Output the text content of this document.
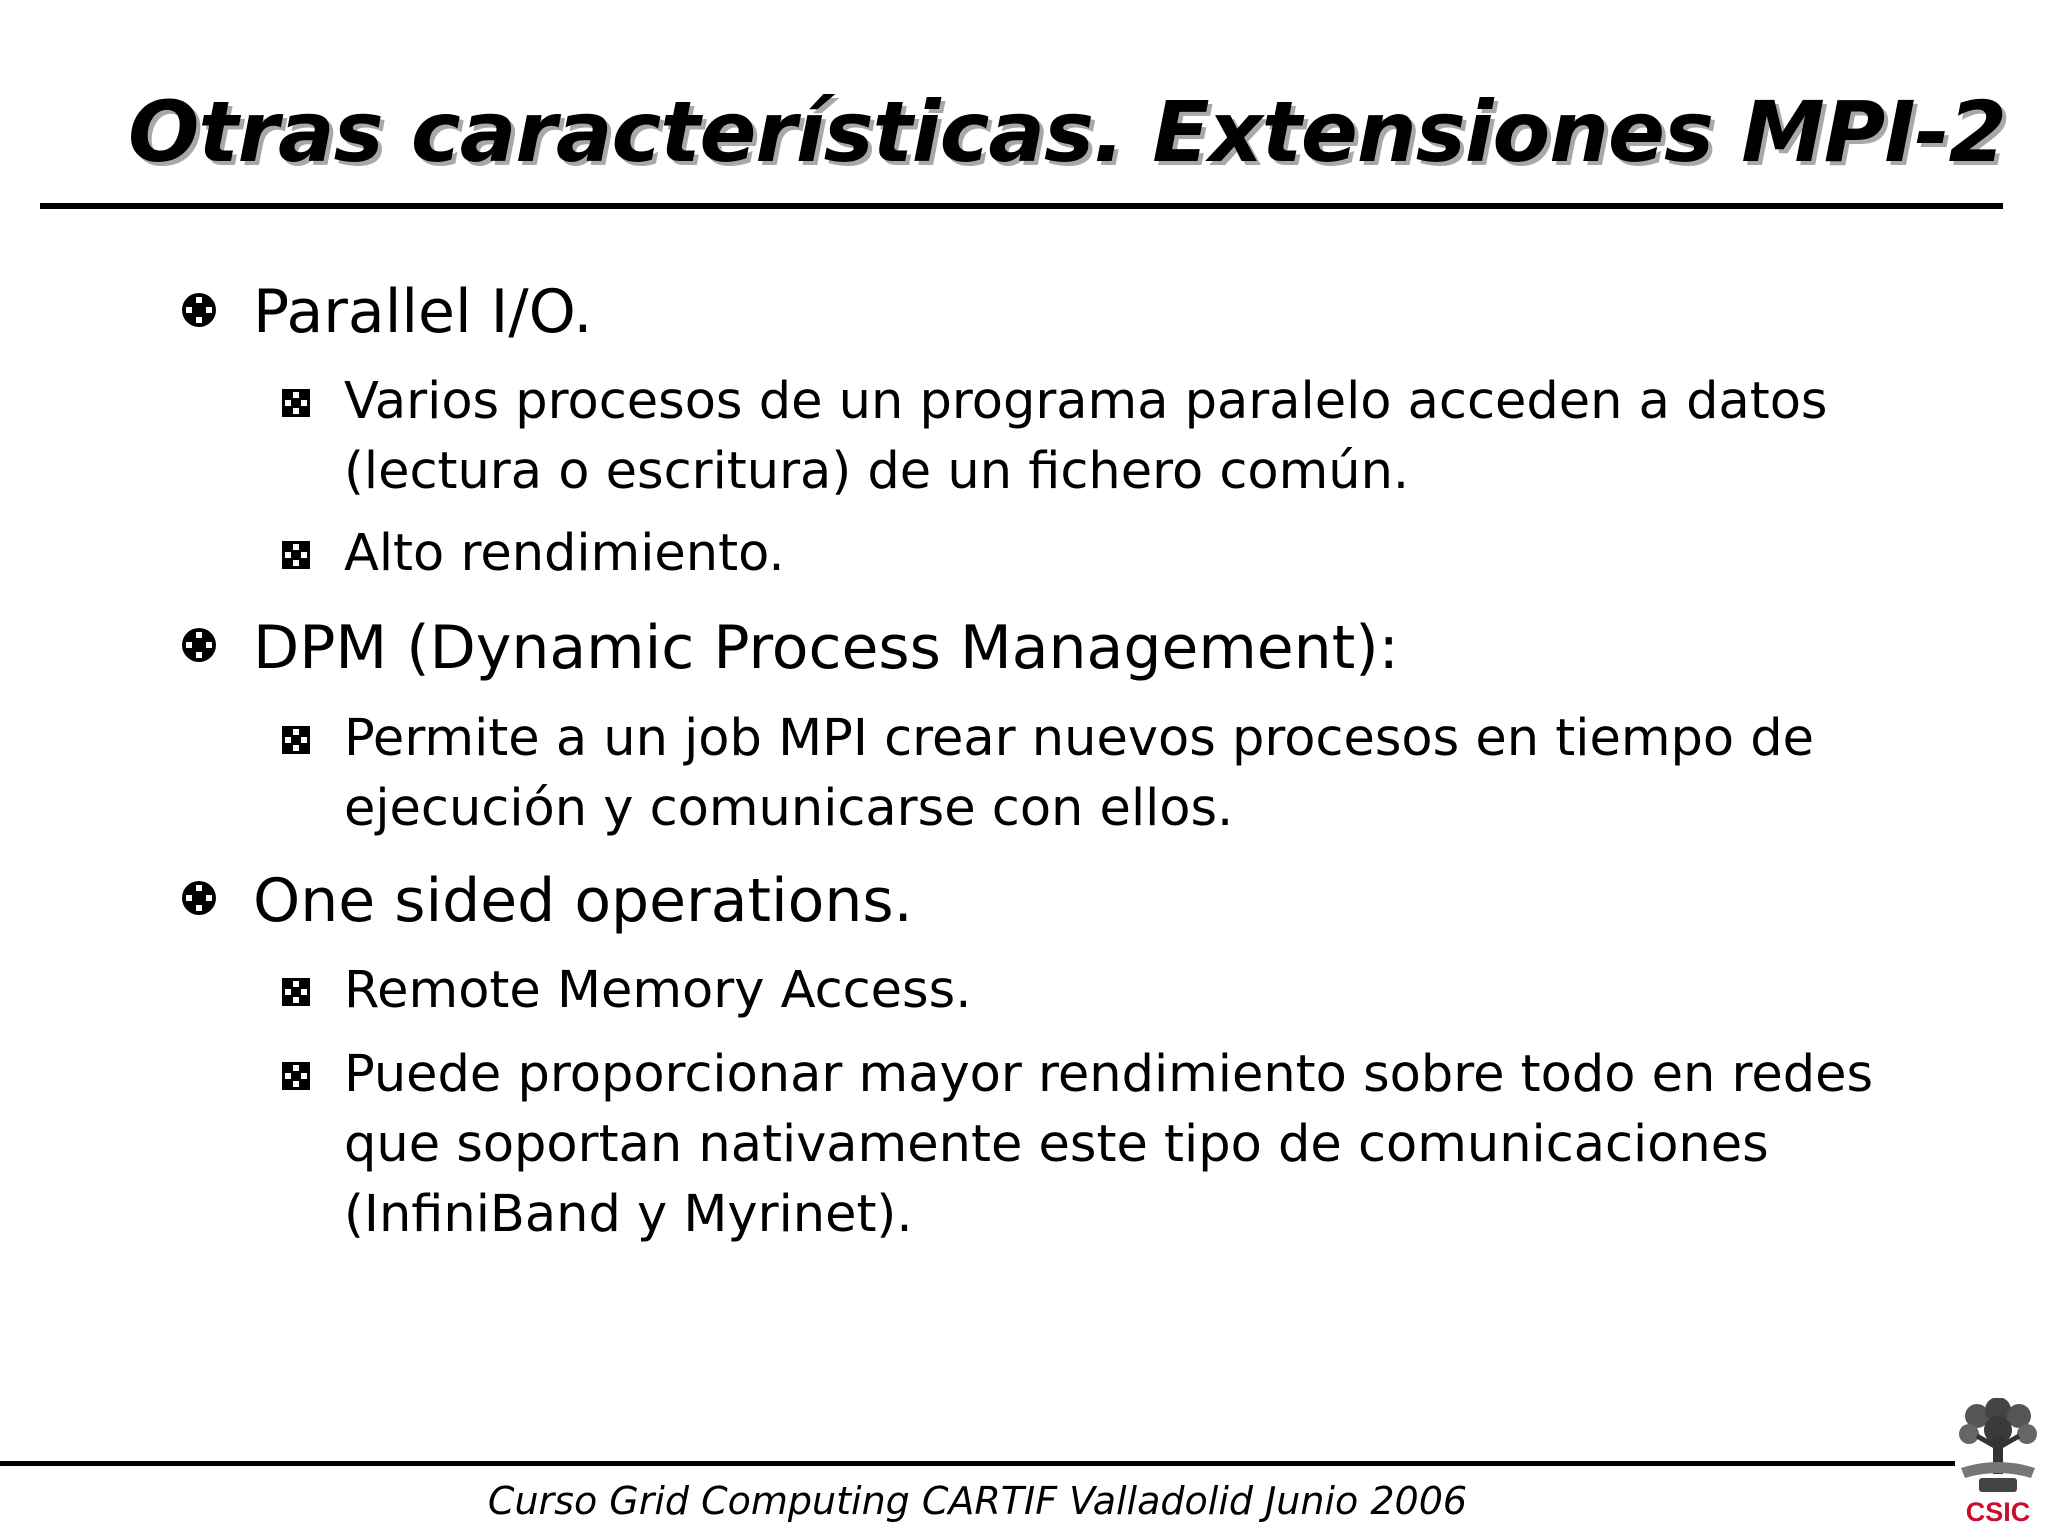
Otras características. Extensiones MPI-2
Parallel I/O.
Varios procesos de un programa paralelo acceden a datos
(lectura o escritura) de un fichero común.
Alto rendimiento.
DPM (Dynamic Process Management):
Permite a un job MPI crear nuevos procesos en tiempo de
ejecución y comunicarse con ellos.
One sided operations.
Remote Memory Access.
Puede proporcionar mayor rendimiento sobre todo en redes
que soportan nativamente este tipo de comunicaciones
(InfiniBand y Myrinet).
Curso Grid Computing CARTIF Valladolid Junio 2006	CSIC
